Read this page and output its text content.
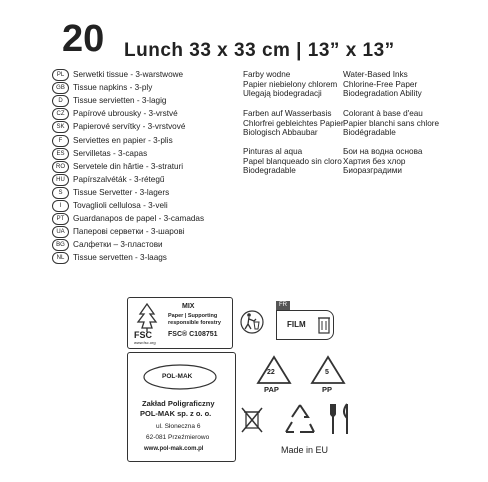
20 Lunch 33 x 33 cm | 13” x 13”
PL	Serwetki tissue - 3-warstwowe
GB Tissue napkins - 3-ply
D	Tissue servietten - 3-lagig
CZ	Papírové ubrousky - 3-vrstvé
SK	Papierové servítky - 3-vrstvové
F	Serviettes en papier - 3-plis
ES	Servilletas - 3-capas
RO Servetele din hârtie - 3-straturi
HU Papírszalvéták - 3-rétegű
S	Tissue Servetter - 3-lagers
I	Tovaglioli cellulosa - 3-veli
PT	Guardanapos de papel - 3-camadas
UA	Паперові серветки - 3-шарові
BG Салфетки – 3-пластови
NL	Tissue servetten - 3-laags
Farby wodne
Papier niebielony chlorem
Ulegają biodegradacji
Water-Based Inks
Chlorine-Free Paper
Biodegradation Ability
Farben auf Wasserbasis
Chlorfrei gebleichtes Papier
Biologisch Abbaubar
Colorant à base d'eau
Papier blanchi sans chlore
Biodégradable
Pinturas al aqua
Papel blanqueado sin cloro
Biodegradable
Бои на водна основа
Хартия без хлор
Биоразградими
FSC
www.fsc.org
MIX
Paper | Supporting
responsible forestry
FSC® C108751
FR
FILM
POL-MAK
Zakład Poligraficzny
POL-MAK sp. z o. o.
ul. Słoneczna 6
62-081 Przeźmierowo
www.pol-mak.com.pl
22
PAP
5
PP
Made in EU
